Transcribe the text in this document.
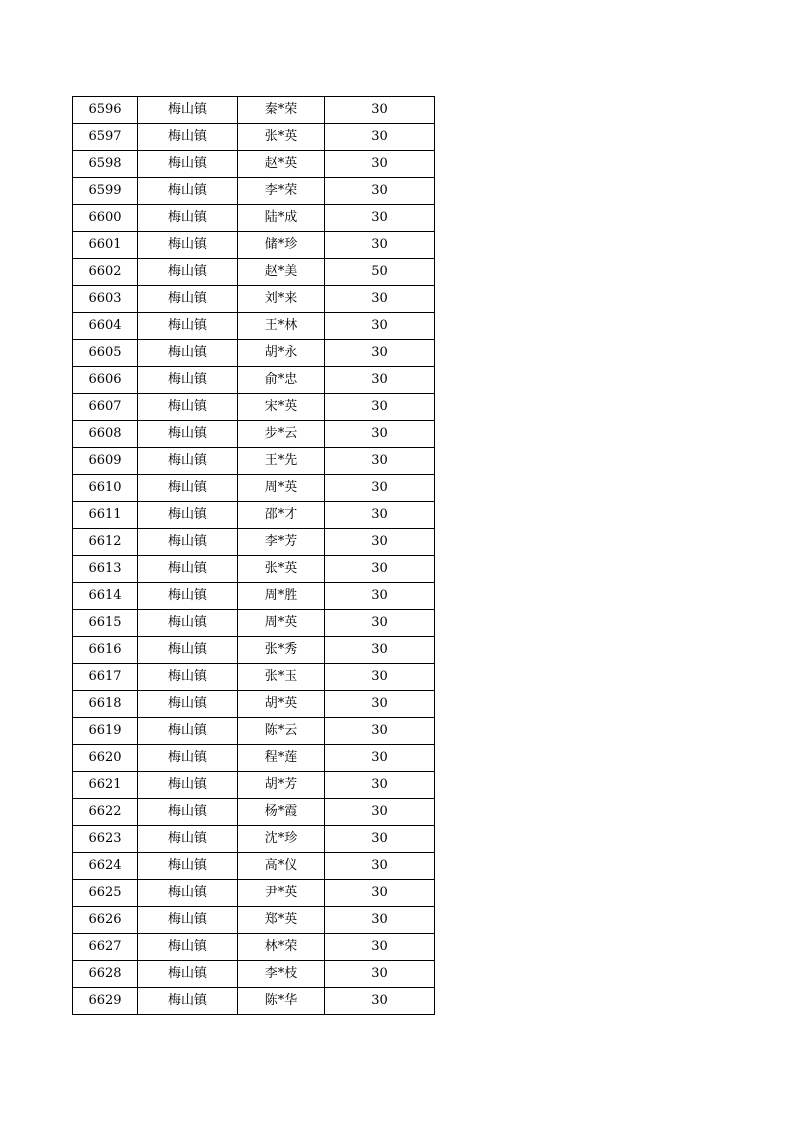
6596	梅山镇	秦*荣	30
6597	梅山镇	张*英	30
6598	梅山镇	赵*英	30
6599	梅山镇	李*荣	30
6600	梅山镇	陆*成	30
6601	梅山镇	储*珍	30
6602	梅山镇	赵*美	50
6603	梅山镇	刘*来	30
6604	梅山镇	王*林	30
6605	梅山镇	胡*永	30
6606	梅山镇	俞*忠	30
6607	梅山镇	宋*英	30
6608	梅山镇	步*云	30
6609	梅山镇	王*先	30
6610	梅山镇	周*英	30
6611	梅山镇	邵*才	30
6612	梅山镇	李*芳	30
6613	梅山镇	张*英	30
6614	梅山镇	周*胜	30
6615	梅山镇	周*英	30
6616	梅山镇	张*秀	30
6617	梅山镇	张*玉	30
6618	梅山镇	胡*英	30
6619	梅山镇	陈*云	30
6620	梅山镇	程*莲	30
6621	梅山镇	胡*芳	30
6622	梅山镇	杨*霞	30
6623	梅山镇	沈*珍	30
6624	梅山镇	高*仪	30
6625	梅山镇	尹*英	30
6626	梅山镇	郑*英	30
6627	梅山镇	林*荣	30
6628	梅山镇	李*枝	30
6629	梅山镇	陈*华	30
